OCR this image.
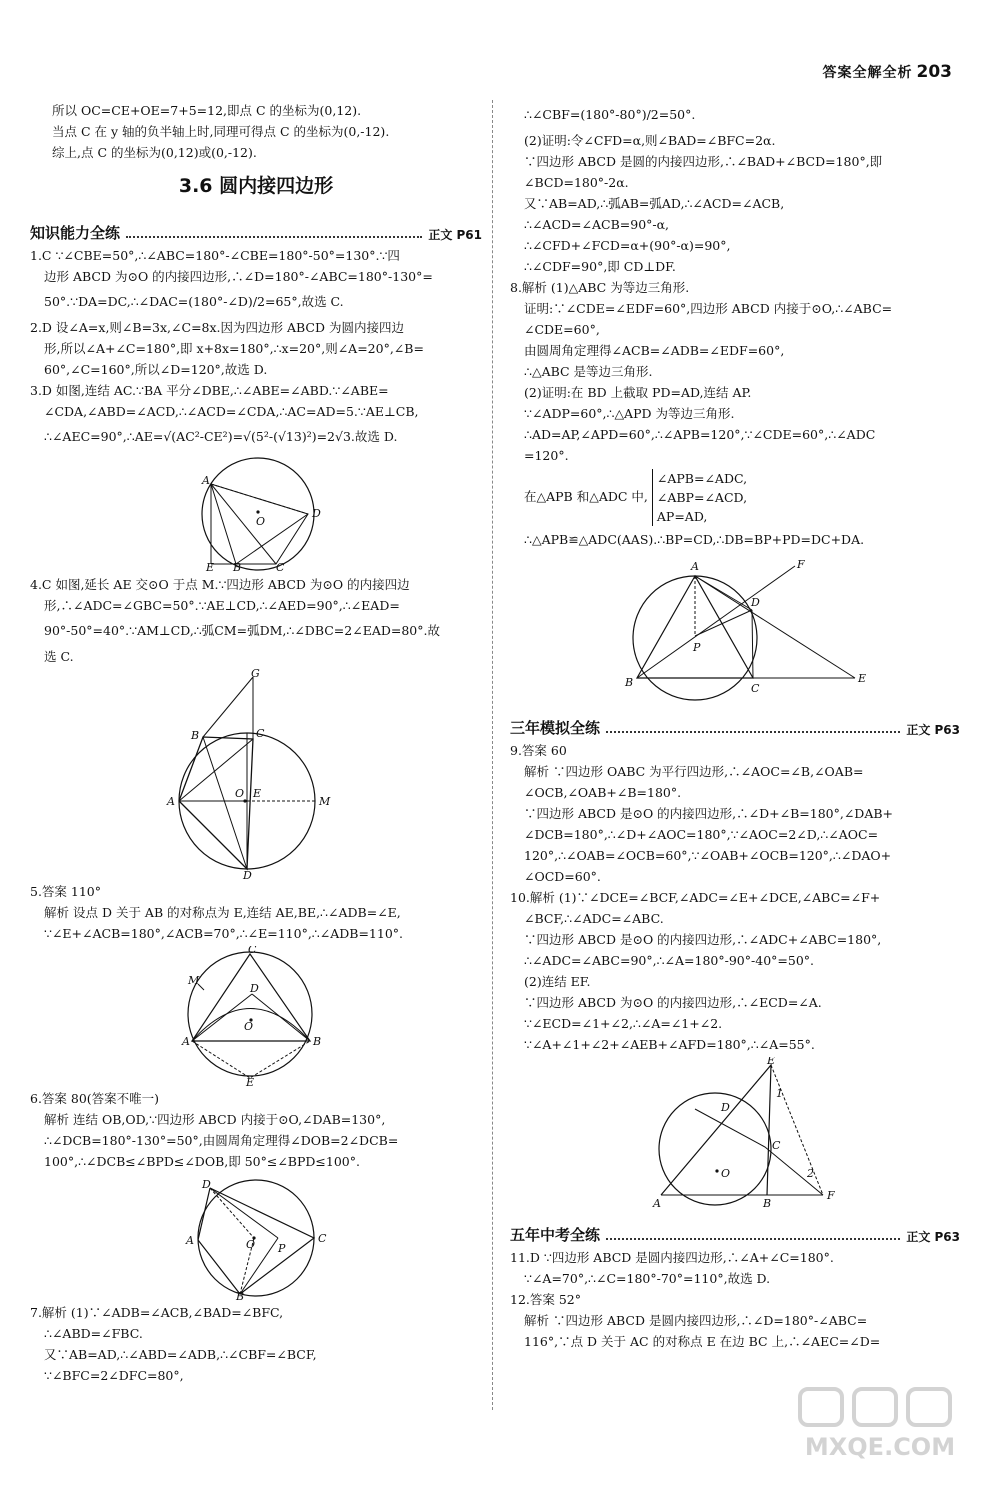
答案全解全析 203
所以 OC=CE+OE=7+5=12,即点 C 的坐标为(0,12).
当点 C 在 y 轴的负半轴上时,同理可得点 C 的坐标为(0,-12).
综上,点 C 的坐标为(0,12)或(0,-12).
3.6 圆内接四边形
知识能力全练	正文 P61
1.C ∵∠CBE=50°,∴∠ABC=180°-∠CBE=180°-50°=130°.∵四
边形 ABCD 为⊙O 的内接四边形,∴∠D=180°-∠ABC=180°-130°=
50°.∵DA=DC,∴∠DAC=(180°-∠D)/2=65°,故选 C.
2.D 设∠A=x,则∠B=3x,∠C=8x.因为四边形 ABCD 为圆内接四边
形,所以∠A+∠C=180°,即 x+8x=180°,∴x=20°,则∠A=20°,∠B=
60°,∠C=160°,所以∠D=120°,故选 D.
3.D 如图,连结 AC.∵BA 平分∠DBE,∴∠ABE=∠ABD.∵∠ABE=
∠CDA,∠ABD=∠ACD,∴∠ACD=∠CDA,∴AC=AD=5.∵AE⊥CB,
∴∠AEC=90°,∴AE=√(AC²-CE²)=√(5²-(√13)²)=2√3.故选 D.
A
D
O
E B	C
4.C 如图,延长 AE 交⊙O 于点 M.∵四边形 ABCD 为⊙O 的内接四边
形,∴∠ADC=∠GBC=50°.∵AE⊥CD,∴∠AED=90°,∴∠EAD=
90°-50°=40°.∵AM⊥CD,∴弧CM=弧DM,∴∠DBC=2∠EAD=80°.故
选 C.
G
B	C
A
O E
M
D
5.答案 110°
解析 设点 D 关于 AB 的对称点为 E,连结 AE,BE,∴∠ADB=∠E,
∵∠E+∠ACB=180°,∠ACB=70°,∴∠E=110°,∴∠ADB=110°.
C
M
D
O
A	B
E
6.答案 80(答案不唯一)
解析 连结 OB,OD,∵四边形 ABCD 内接于⊙O,∠DAB=130°,
∴∠DCB=180°-130°=50°,由圆周角定理得∠DOB=2∠DCB=
100°,∴∠DCB≤∠BPD≤∠DOB,即 50°≤∠BPD≤100°.
D
A	O P
C
B
7.解析 (1)∵∠ADB=∠ACB,∠BAD=∠BFC,
∴∠ABD=∠FBC.
又∵AB=AD,∴∠ABD=∠ADB,∴∠CBF=∠BCF,
∵∠BFC=2∠DFC=80°,
∴∠CBF=(180°-80°)/2=50°.
(2)证明:令∠CFD=α,则∠BAD=∠BFC=2α.
∵四边形 ABCD 是圆的内接四边形,∴∠BAD+∠BCD=180°,即
∠BCD=180°-2α.
又∵AB=AD,∴弧AB=弧AD,∴∠ACD=∠ACB,
∴∠ACD=∠ACB=90°-α,
∴∠CFD+∠FCD=α+(90°-α)=90°,
∴∠CDF=90°,即 CD⊥DF.
8.解析 (1)△ABC 为等边三角形.
证明:∵∠CDE=∠EDF=60°,四边形 ABCD 内接于⊙O,∴∠ABC=
∠CDE=60°,
由圆周角定理得∠ACB=∠ADB=∠EDF=60°,
∴△ABC 是等边三角形.
(2)证明:在 BD 上截取 PD=AD,连结 AP.
∵∠ADP=60°,∴△APD 为等边三角形.
∴AD=AP,∠APD=60°,∴∠APB=120°,∵∠CDE=60°,∴∠ADC
=120°.
在△APB 和△ADC 中,
∠APB=∠ADC,
∠ABP=∠ACD,
AP=AD,
∴△APB≌△ADC(AAS).∴BP=CD,∴DB=BP+PD=DC+DA.
A	F
D
P
B	C
E
三年模拟全练	正文 P63
9.答案 60
解析 ∵四边形 OABC 为平行四边形,∴∠AOC=∠B,∠OAB=
∠OCB,∠OAB+∠B=180°.
∵四边形 ABCD 是⊙O 的内接四边形,∴∠D+∠B=180°,∠DAB+
∠DCB=180°,∴∠D+∠AOC=180°,∵∠AOC=2∠D,∴∠AOC=
120°,∴∠OAB=∠OCB=60°,∵∠OAB+∠OCB=120°,∴∠DAO+
∠OCD=60°.
10.解析 (1)∵∠DCE=∠BCF,∠ADC=∠E+∠DCE,∠ABC=∠F+
∠BCF,∴∠ADC=∠ABC.
∵四边形 ABCD 是⊙O 的内接四边形,∴∠ADC+∠ABC=180°,
∴∠ADC=∠ABC=90°,∴∠A=180°-90°-40°=50°.
(2)连结 EF.
∵四边形 ABCD 为⊙O 的内接四边形,∴∠ECD=∠A.
∵∠ECD=∠1+∠2,∴∠A=∠1+∠2.
∵∠A+∠1+∠2+∠AEB+∠AFD=180°,∴∠A=55°.
E
D
1
C
O	2
A	B
F
五年中考全练	正文 P63
11.D ∵四边形 ABCD 是圆内接四边形,∴∠A+∠C=180°.
∵∠A=70°,∴∠C=180°-70°=110°,故选 D.
12.答案 52°
解析 ∵四边形 ABCD 是圆内接四边形,∴∠D=180°-∠ABC=
116°,∵点 D 关于 AC 的对称点 E 在边 BC 上,∴∠AEC=∠D=
MXQE.COM
